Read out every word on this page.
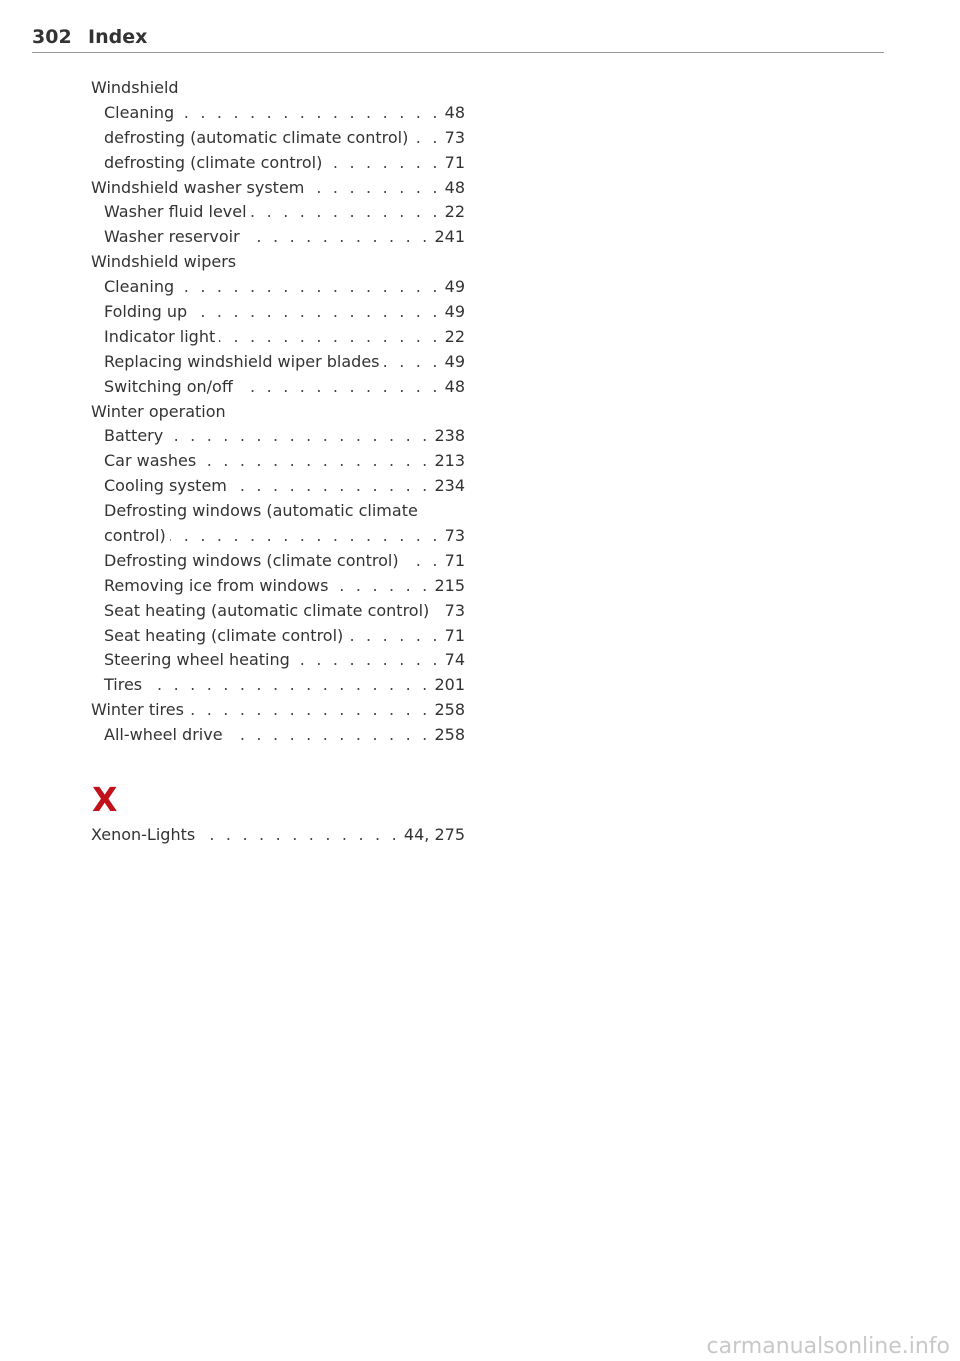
302 Index
Windshield
Cleaning . . .	48
defrosting (automatic climate control) . . . 73
defrosting (climate control) . . .	71
Windshield washer system . . .	48
Washer fluid level . . .	22
Washer reservoir . . .	241
Windshield wipers
Cleaning . . .	49
Folding up . . .	49
Indicator light . . .	22
Replacing windshield wiper blades . . .	49
Switching on/off . . .	48
Winter operation
Battery . . .	238
Car washes . . .	213
Cooling system . . .	234
Defrosting windows (automatic climate
control) . . .	73
Defrosting windows (climate control) . . .	71
Removing ice from windows . . .	215
Seat heating (automatic climate control) 73
Seat heating (climate control) . . .	71
Steering wheel heating . . .	74
Tires . . .	201
Winter tires . . .	258
All-wheel drive . . .	258
X
Xenon-Lights . . .	44, 275
carmanualsonline.info
